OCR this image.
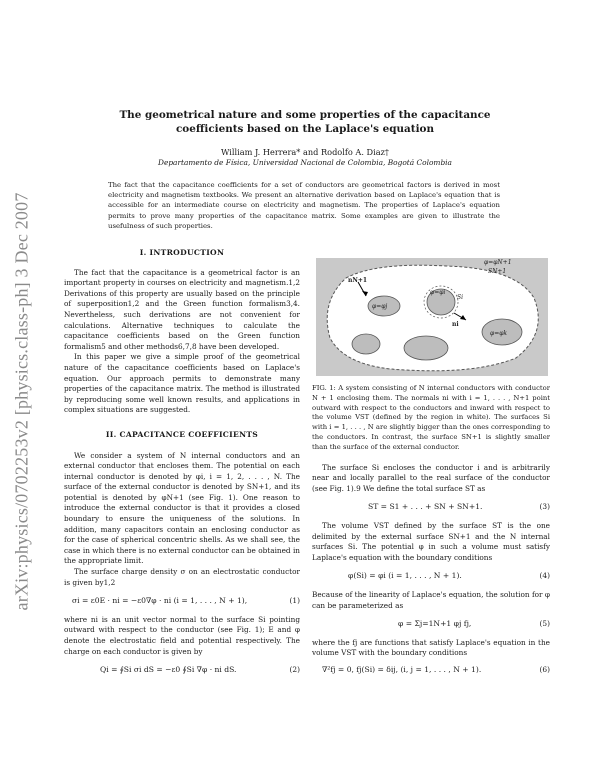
arXiv:physics/0702253v2 [physics.class-ph] 3 Dec 2007
The geometrical nature and some properties of the capacitance coefficients based on the Laplace's equation
William J. Herrera* and Rodolfo A. Diaz†
Departamento de Física, Universidad Nacional de Colombia, Bogotá Colombia
The fact that the capacitance coefficients for a set of conductors are geometrical factors is derived in most electricity and magnetism textbooks. We present an alternative derivation based on Laplace's equation that is accessible for an intermediate course on electricity and magnetism. The properties of Laplace's equation permits to prove many properties of the capacitance matrix. Some examples are given to illustrate the usefulness of such properties.
I. INTRODUCTION

The fact that the capacitance is a geometrical factor is an important property in courses on electricity and magnetism.1,2 Derivations of this property are usually based on the principle of superposition1,2 and the Green function formalism3,4. Nevertheless, such derivations are not convenient for calculations. Alternative techniques to calculate the capacitance coefficients based on the Green function formalism5 and other methods6,7,8 have been developed.

In this paper we give a simple proof of the geometrical nature of the capacitance coefficients based on Laplace's equation. Our approach permits to demonstrate many properties of the capacitance matrix. The method is illustrated by reproducing some well known results, and applications in complex situations are suggested.

II. CAPACITANCE COEFFICIENTS

We consider a system of N internal conductors and an external conductor that encloses them. The potential on each internal conductor is denoted by φi, i = 1, 2, . . . , N. The surface of the external conductor is denoted by SN+1, and its potential is denoted by φN+1 (see Fig. 1). One reason to introduce the external conductor is that it provides a closed boundary to ensure the uniqueness of the solutions. In addition, many capacitors contain an enclosing conductor as for the case of spherical concentric shells. As we shall see, the case in which there is no external conductor can be obtained in the appropriate limit.

The surface charge density σ on an electrostatic conductor is given by1,2

σi = ε0E · ni = −ε0∇φ · ni (i = 1, . . . , N + 1),	(1)

where ni is an unit vector normal to the surface Si pointing outward with respect to the conductor (see Fig. 1); E and φ denote the electrostatic field and potential respectively. The charge on each conductor is given by

Qi = ∮Si σi dS = −ε0 ∮Si ∇φ · ni dS.	(2)
φ=φN+1
SN+1
nN+1
φ=φj
φ=φi
Si
ni
φ=φk

FIG. 1: A system consisting of N internal conductors with conductor N + 1 enclosing them. The normals ni with i = 1, . . . , N+1 point outward with respect to the conductors and inward with respect to the volume VST (defined by the region in white). The surfaces Si with i = 1, . . . , N are slightly bigger than the ones corresponding to the conductors. In contrast, the surface SN+1 is slightly smaller than the surface of the external conductor.

The surface Si encloses the conductor i and is arbitrarily near and locally parallel to the real surface of the conductor (see Fig. 1).9 We define the total surface ST as

ST = S1 + . . . + SN + SN+1.	(3)

The volume VST defined by the surface ST is the one delimited by the external surface SN+1 and the N internal surfaces Si. The potential φ in such a volume must satisfy Laplace's equation with the boundary conditions

φ(Si) = φi (i = 1, . . . , N + 1).	(4)

Because of the linearity of Laplace's equation, the solution for φ can be parameterized as

φ = Σj=1N+1 φj fj,	(5)

where the fj are functions that satisfy Laplace's equation in the volume VST with the boundary conditions

∇²fj = 0, fj(Si) = δij, (i, j = 1, . . . , N + 1).	(6)
